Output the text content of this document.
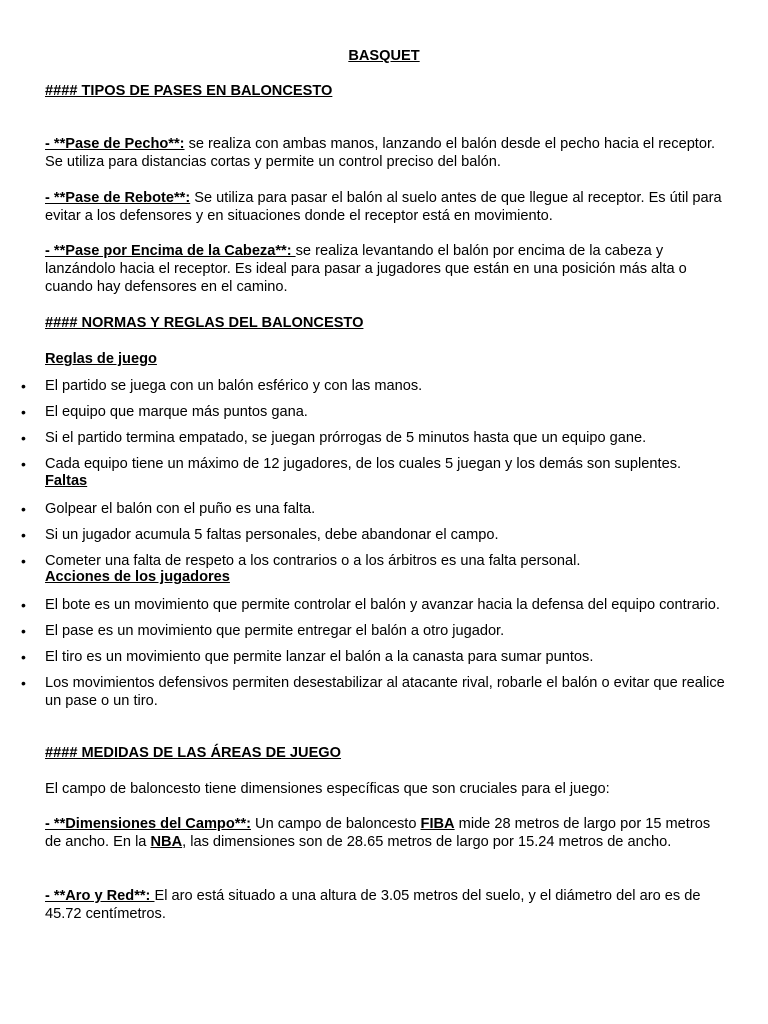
BASQUET
#### TIPOS DE PASES EN BALONCESTO
- **Pase de Pecho**: se realiza con ambas manos, lanzando el balón desde el pecho hacia el receptor. Se utiliza para distancias cortas y permite un control preciso del balón.
- **Pase de Rebote**: Se utiliza para pasar el balón al suelo antes de que llegue al receptor. Es útil para evitar a los defensores y en situaciones donde el receptor está en movimiento.
- **Pase por Encima de la Cabeza**: se realiza levantando el balón por encima de la cabeza y lanzándolo hacia el receptor. Es ideal para pasar a jugadores que están en una posición más alta o cuando hay defensores en el camino.
#### NORMAS Y REGLAS DEL BALONCESTO
Reglas de juego
• El partido se juega con un balón esférico y con las manos.
• El equipo que marque más puntos gana.
• Si el partido termina empatado, se juegan prórrogas de 5 minutos hasta que un equipo gane.
• Cada equipo tiene un máximo de 12 jugadores, de los cuales 5 juegan y los demás son suplentes.
Faltas
• Golpear el balón con el puño es una falta.
• Si un jugador acumula 5 faltas personales, debe abandonar el campo.
• Cometer una falta de respeto a los contrarios o a los árbitros es una falta personal.
Acciones de los jugadores
• El bote es un movimiento que permite controlar el balón y avanzar hacia la defensa del equipo contrario.
• El pase es un movimiento que permite entregar el balón a otro jugador.
• El tiro es un movimiento que permite lanzar el balón a la canasta para sumar puntos.
• Los movimientos defensivos permiten desestabilizar al atacante rival, robarle el balón o evitar que realice un pase o un tiro.
#### MEDIDAS DE LAS ÁREAS DE JUEGO
El campo de baloncesto tiene dimensiones específicas que son cruciales para el juego:
- **Dimensiones del Campo**: Un campo de baloncesto FIBA mide 28 metros de largo por 15 metros de ancho. En la NBA, las dimensiones son de 28.65 metros de largo por 15.24 metros de ancho.
- **Aro y Red**: El aro está situado a una altura de 3.05 metros del suelo, y el diámetro del aro es de 45.72 centímetros.
